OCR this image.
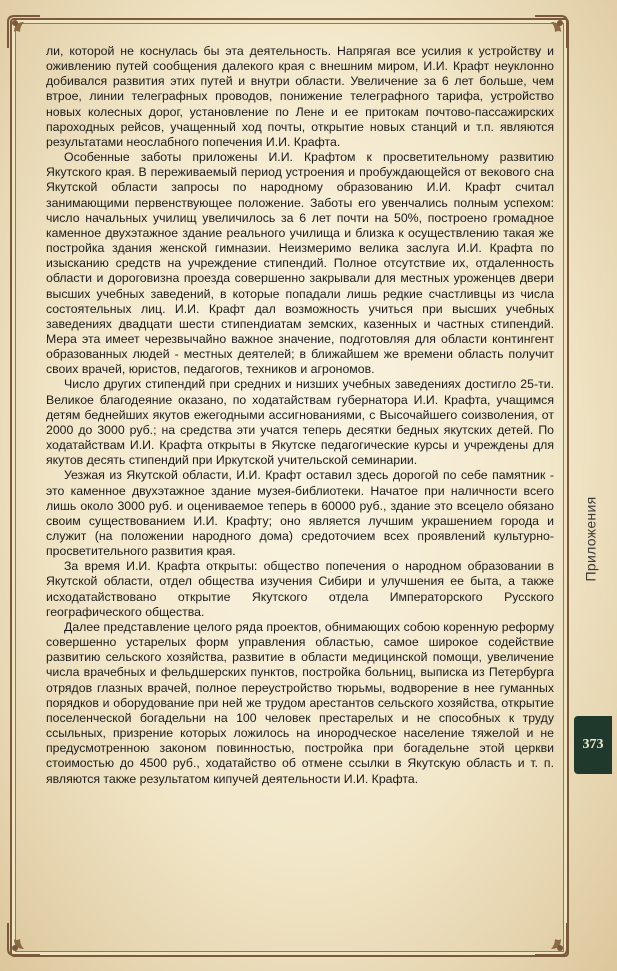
Приложения
373

ли, которой не коснулась бы эта деятельность. Напрягая все усилия к устройству и оживлению путей сообщения далекого края с внешним миром, И.И. Крафт неуклонно добивался развития этих путей и внутри области. Увеличение за 6 лет больше, чем втрое, линии телеграфных проводов, понижение телеграфного тарифа, устройство новых колесных дорог, установление по Лене и ее притокам почтово-пассажирских пароходных рейсов, учащенный ход почты, открытие новых станций и т.п. являются результатами неослабного попечения И.И. Крафта.

Особенные заботы приложены И.И. Крафтом к просветительному развитию Якутского края. В переживаемый период устроения и пробуждающейся от векового сна Якутской области запросы по народному образованию И.И. Крафт считал занимающими первенствующее положение. Заботы его увенчались полным успехом: число начальных училищ увеличилось за 6 лет почти на 50%, построено громадное каменное двухэтажное здание реального училища и близка к осуществлению такая же постройка здания женской гимназии. Неизмеримо велика заслуга И.И. Крафта по изысканию средств на учреждение стипендий. Полное отсутствие их, отдаленность области и дороговизна проезда совершенно закрывали для местных уроженцев двери высших учебных заведений, в которые попадали лишь редкие счастливцы из числа состоятельных лиц. И.И. Крафт дал возможность учиться при высших учебных заведениях двадцати шести стипендиатам земских, казенных и частных стипендий. Мера эта имеет черезвычайно важное значение, подготовляя для области контингент образованных людей - местных деятелей; в ближайшем же времени область получит своих врачей, юристов, педагогов, техников и агрономов.

Число других стипендий при средних и низших учебных заведениях достигло 25-ти. Великое благодеяние оказано, по ходатайствам губернатора И.И. Крафта, учащимся детям беднейших якутов ежегодными ассигнованиями, с Высочайшего соизволения, от 2000 до 3000 руб.; на средства эти учатся теперь десятки бедных якутских детей. По ходатайствам И.И. Крафта открыты в Якутске педагогические курсы и учреждены для якутов десять стипендий при Иркутской учительской семинарии.

Уезжая из Якутской области, И.И. Крафт оставил здесь дорогой по себе памятник - это каменное двухэтажное здание музея-библиотеки. Начатое при наличности всего лишь около 3000 руб. и оцениваемое теперь в 60000 руб., здание это всецело обязано своим существованием И.И. Крафту; оно является лучшим украшением города и служит (на положении народного дома) средоточием всех проявлений культурно-просветительного развития края.

За время И.И. Крафта открыты: общество попечения о народном образовании в Якутской области, отдел общества изучения Сибири и улучшения ее быта, а также исходатайствовано открытие Якутского отдела Императорского Русского географического общества.

Далее представление целого ряда проектов, обнимающих собою коренную реформу совершенно устарелых форм управления областью, самое широкое содействие развитию сельского хозяйства, развитие в области медицинской помощи, увеличение числа врачебных и фельдшерских пунктов, постройка больниц, выписка из Петербурга отрядов глазных врачей, полное переустройство тюрьмы, водворение в нее гуманных порядков и оборудование при ней же трудом арестантов сельского хозяйства, открытие поселенческой богадельни на 100 человек престарелых и не способных к труду ссыльных, призрение которых ложилось на инородческое население тяжелой и не предусмотренною законом повинностью, постройка при богадельне этой церкви стоимостью до 4500 руб., ходатайство об отмене ссылки в Якутскую область и т. п. являются также результатом кипучей деятельности И.И. Крафта.
